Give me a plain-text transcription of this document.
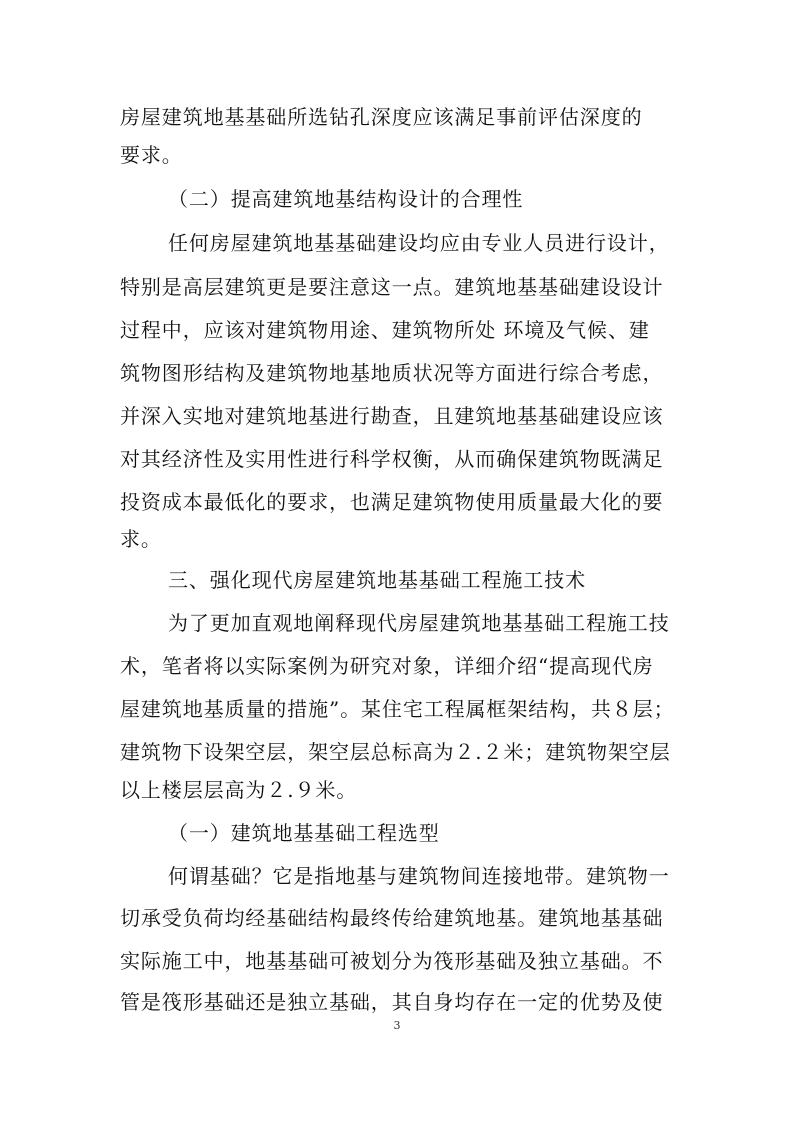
房屋建筑地基基础所选钻孔深度应该满足事前评估深度的
要求。
（二）提高建筑地基结构设计的合理性
任何房屋建筑地基基础建设均应由专业人员进行设计，
特别是高层建筑更是要注意这一点。建筑地基基础建设设计
过程中，应该对建筑物用途、建筑物所处 环境及气候、建
筑物图形结构及建筑物地基地质状况等方面进行综合考虑，
并深入实地对建筑地基进行勘查，且建筑地基基础建设应该
对其经济性及实用性进行科学权衡，从而确保建筑物既满足
投资成本最低化的要求，也满足建筑物使用质量最大化的要
求。
三、强化现代房屋建筑地基基础工程施工技术
为了更加直观地阐释现代房屋建筑地基基础工程施工技
术，笔者将以实际案例为研究对象，详细介绍“提高现代房
屋建筑地基质量的措施”。某住宅工程属框架结构，共８层；
建筑物下设架空层，架空层总标高为２.２米；建筑物架空层
以上楼层层高为２.９米。
（一）建筑地基基础工程选型
何谓基础？它是指地基与建筑物间连接地带。建筑物一
切承受负荷均经基础结构最终传给建筑地基。建筑地基基础
实际施工中，地基基础可被划分为筏形基础及独立基础。不
管是筏形基础还是独立基础，其自身均存在一定的优势及使
3
